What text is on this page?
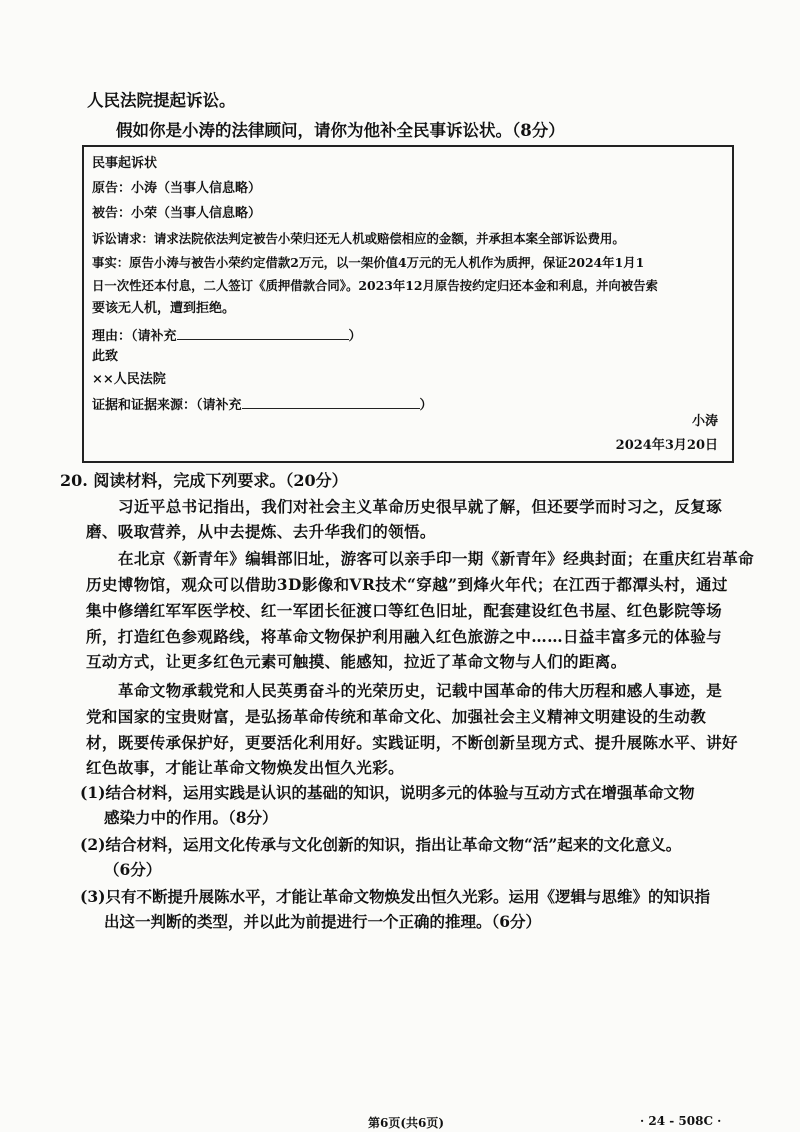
人民法院提起诉讼。
假如你是小涛的法律顾问，请你为他补全民事诉讼状。（8分）
民事起诉状
原告：小涛（当事人信息略）
被告：小荣（当事人信息略）
诉讼请求：请求法院依法判定被告小荣归还无人机或赔偿相应的金额，并承担本案全部诉讼费用。
事实：原告小涛与被告小荣约定借款2万元，以一架价值4万元的无人机作为质押，保证2024年1月1
日一次性还本付息，二人签订《质押借款合同》。2023年12月原告按约定归还本金和利息，并向被告索
要该无人机，遭到拒绝。
理由：（请补充	）
此致
××人民法院
证据和证据来源：（请补充	）
小涛
2024年3月20日
20. 阅读材料，完成下列要求。（20分）
习近平总书记指出，我们对社会主义革命历史很早就了解，但还要学而时习之，反复琢
磨、吸取营养，从中去提炼、去升华我们的领悟。
在北京《新青年》编辑部旧址，游客可以亲手印一期《新青年》经典封面；在重庆红岩革命
历史博物馆，观众可以借助3D影像和VR技术“穿越”到烽火年代；在江西于都潭头村，通过
集中修缮红军军医学校、红一军团长征渡口等红色旧址，配套建设红色书屋、红色影院等场
所，打造红色参观路线，将革命文物保护利用融入红色旅游之中……日益丰富多元的体验与
互动方式，让更多红色元素可触摸、能感知，拉近了革命文物与人们的距离。
革命文物承载党和人民英勇奋斗的光荣历史，记载中国革命的伟大历程和感人事迹，是
党和国家的宝贵财富，是弘扬革命传统和革命文化、加强社会主义精神文明建设的生动教
材，既要传承保护好，更要活化利用好。实践证明，不断创新呈现方式、提升展陈水平、讲好
红色故事，才能让革命文物焕发出恒久光彩。
(1)结合材料，运用实践是认识的基础的知识，说明多元的体验与互动方式在增强革命文物
感染力中的作用。（8分）
(2)结合材料，运用文化传承与文化创新的知识，指出让革命文物“活”起来的文化意义。
（6分）
(3)只有不断提升展陈水平，才能让革命文物焕发出恒久光彩。运用《逻辑与思维》的知识指
出这一判断的类型，并以此为前提进行一个正确的推理。（6分）
第6页(共6页)	· 24 - 508C ·
